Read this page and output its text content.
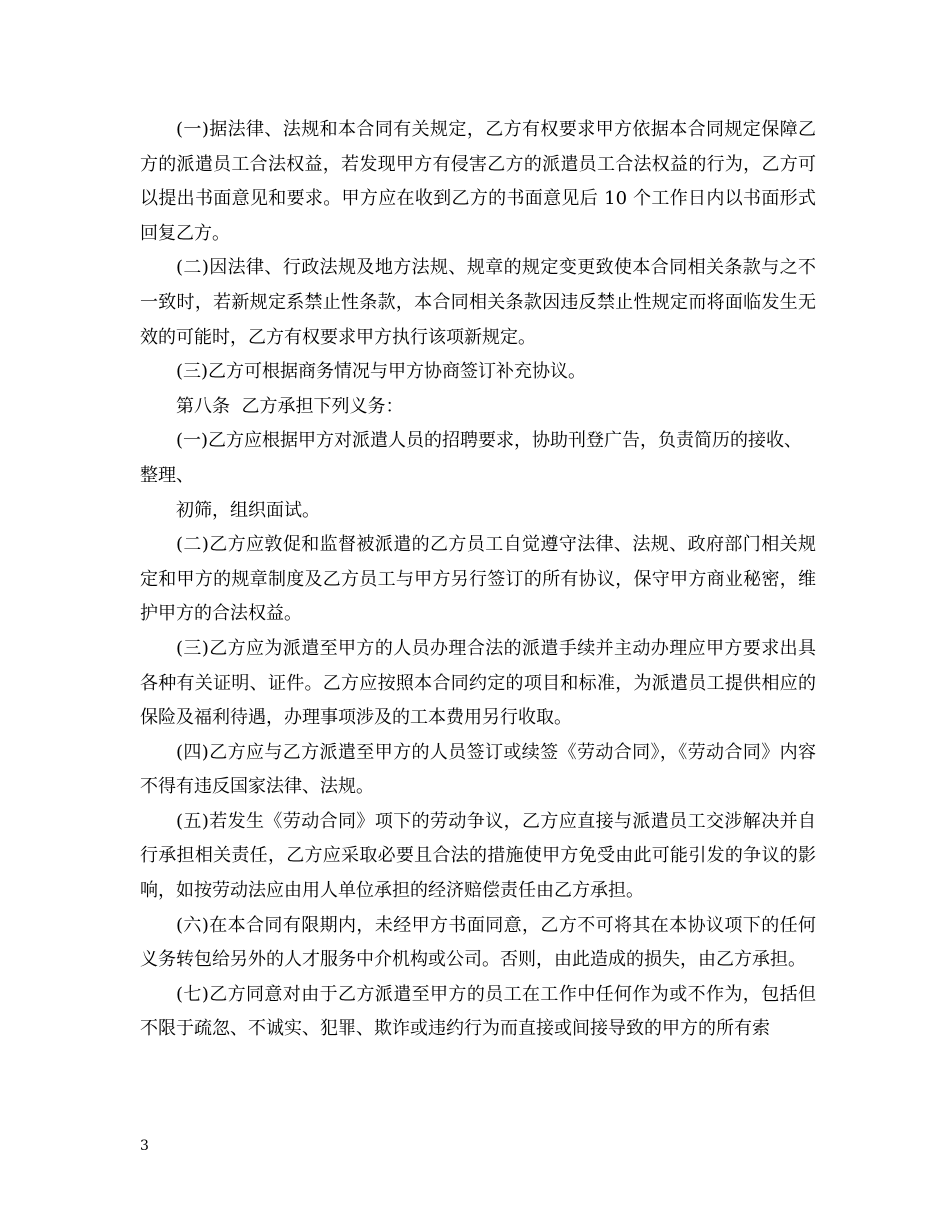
(一)据法律、法规和本合同有关规定，乙方有权要求甲方依据本合同规定保障乙方的派遣员工合法权益，若发现甲方有侵害乙方的派遣员工合法权益的行为，乙方可以提出书面意见和要求。甲方应在收到乙方的书面意见后 10 个工作日内以书面形式回复乙方。

(二)因法律、行政法规及地方法规、规章的规定变更致使本合同相关条款与之不一致时，若新规定系禁止性条款，本合同相关条款因违反禁止性规定而将面临发生无效的可能时，乙方有权要求甲方执行该项新规定。

(三)乙方可根据商务情况与甲方协商签订补充协议。

第八条  乙方承担下列义务：

(一)乙方应根据甲方对派遣人员的招聘要求，协助刊登广告，负责简历的接收、整理、

初筛，组织面试。

(二)乙方应敦促和监督被派遣的乙方员工自觉遵守法律、法规、政府部门相关规定和甲方的规章制度及乙方员工与甲方另行签订的所有协议，保守甲方商业秘密，维护甲方的合法权益。

(三)乙方应为派遣至甲方的人员办理合法的派遣手续并主动办理应甲方要求出具各种有关证明、证件。乙方应按照本合同约定的项目和标准，为派遣员工提供相应的保险及福利待遇，办理事项涉及的工本费用另行收取。

(四)乙方应与乙方派遣至甲方的人员签订或续签《劳动合同》，《劳动合同》内容不得有违反国家法律、法规。

(五)若发生《劳动合同》项下的劳动争议，乙方应直接与派遣员工交涉解决并自行承担相关责任，乙方应采取必要且合法的措施使甲方免受由此可能引发的争议的影响，如按劳动法应由用人单位承担的经济赔偿责任由乙方承担。

(六)在本合同有限期内，未经甲方书面同意，乙方不可将其在本协议项下的任何义务转包给另外的人才服务中介机构或公司。否则，由此造成的损失，由乙方承担。

(七)乙方同意对由于乙方派遣至甲方的员工在工作中任何作为或不作为，包括但不限于疏忽、不诚实、犯罪、欺诈或违约行为而直接或间接导致的甲方的所有索

3
